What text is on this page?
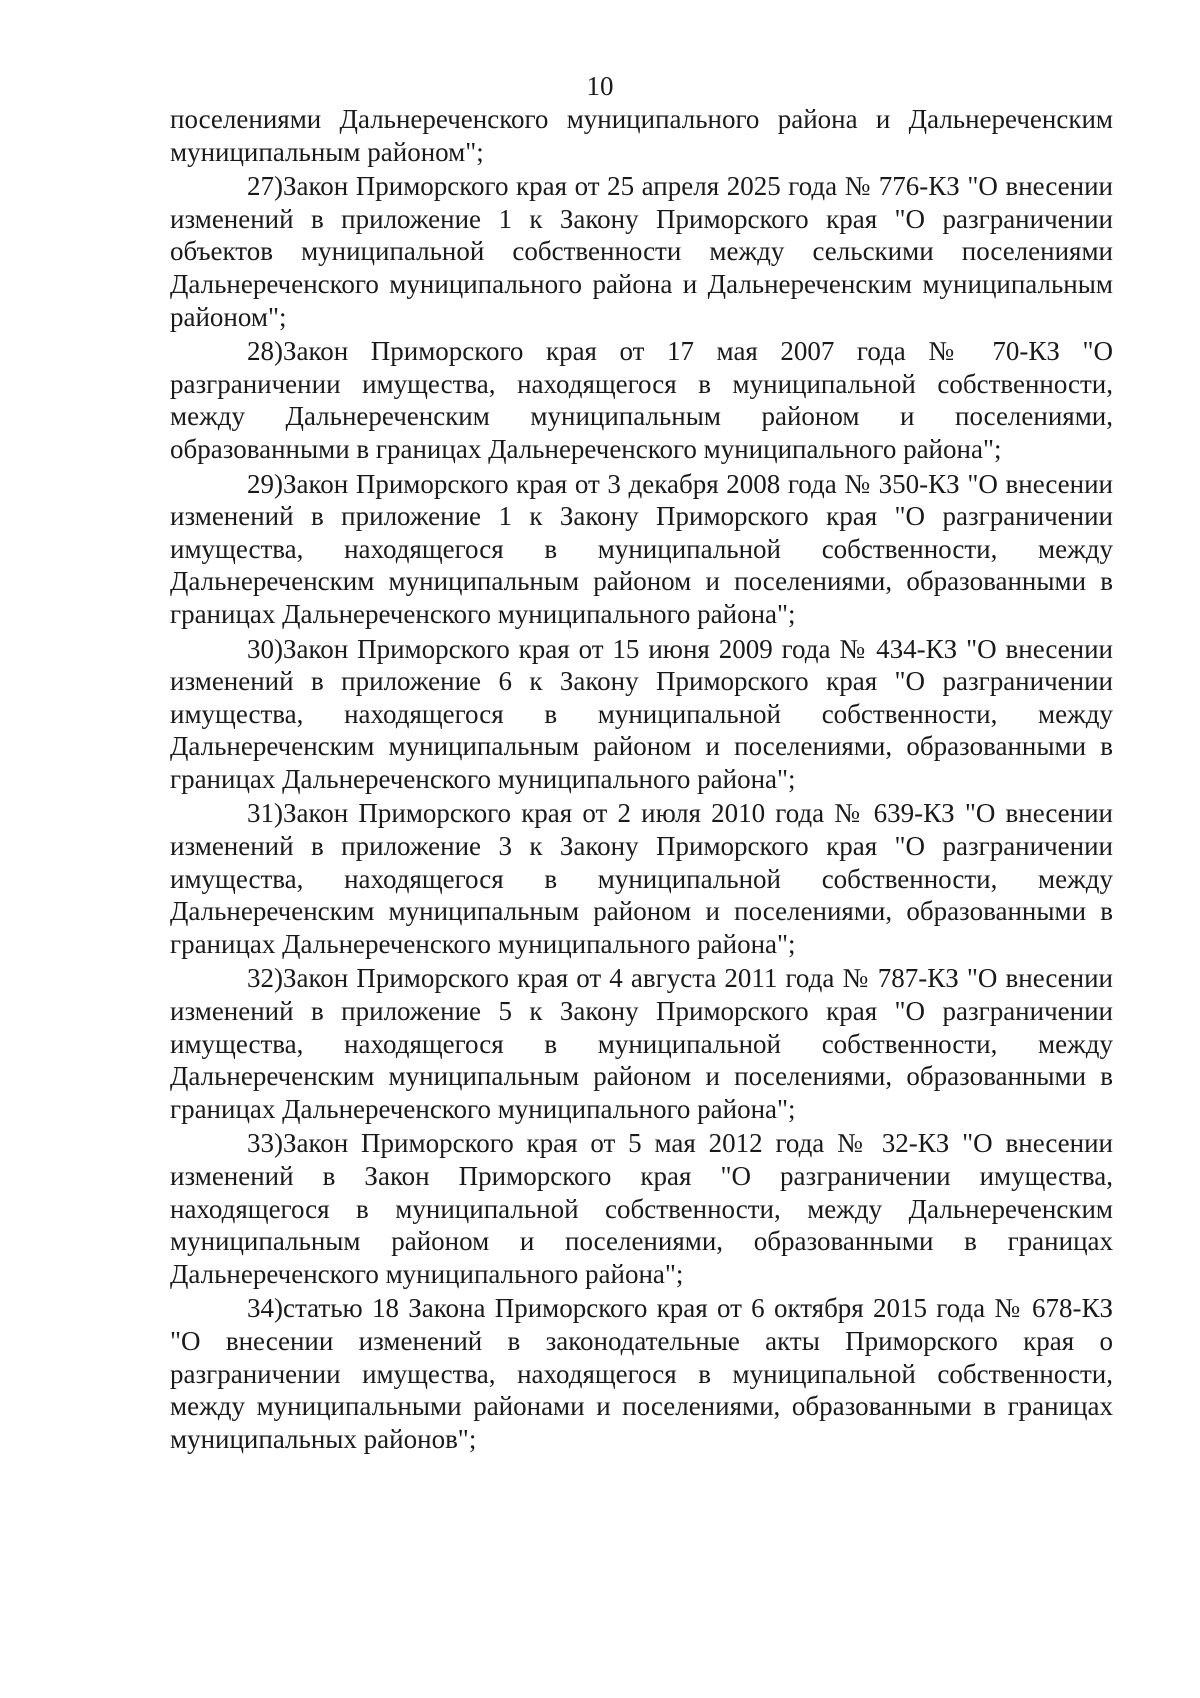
10

поселениями Дальнереченского муниципального района и Дальнереченским муниципальным районом";

27)Закон Приморского края от 25 апреля 2025 года № 776-КЗ "О внесении изменений в приложение 1 к Закону Приморского края "О разграничении объектов муниципальной собственности между сельскими поселениями Дальнереченского муниципального района и Дальнереченским муниципальным районом";

28)Закон Приморского края от 17 мая 2007 года № 70-КЗ "О разграничении имущества, находящегося в муниципальной собственности, между Дальнереченским муниципальным районом и поселениями, образованными в границах Дальнереченского муниципального района";

29)Закон Приморского края от 3 декабря 2008 года № 350-КЗ "О внесении изменений в приложение 1 к Закону Приморского края "О разграничении имущества, находящегося в муниципальной собственности, между Дальнереченским муниципальным районом и поселениями, образованными в границах Дальнереченского муниципального района";

30)Закон Приморского края от 15 июня 2009 года № 434-КЗ "О внесении изменений в приложение 6 к Закону Приморского края "О разграничении имущества, находящегося в муниципальной собственности, между Дальнереченским муниципальным районом и поселениями, образованными в границах Дальнереченского муниципального района";

31)Закон Приморского края от 2 июля 2010 года № 639-КЗ "О внесении изменений в приложение 3 к Закону Приморского края "О разграничении имущества, находящегося в муниципальной собственности, между Дальнереченским муниципальным районом и поселениями, образованными в границах Дальнереченского муниципального района";

32)Закон Приморского края от 4 августа 2011 года № 787-КЗ "О внесении изменений в приложение 5 к Закону Приморского края "О разграничении имущества, находящегося в муниципальной собственности, между Дальнереченским муниципальным районом и поселениями, образованными в границах Дальнереченского муниципального района";

33)Закон Приморского края от 5 мая 2012 года № 32-КЗ "О внесении изменений в Закон Приморского края "О разграничении имущества, находящегося в муниципальной собственности, между Дальнереченским муниципальным районом и поселениями, образованными в границах Дальнереченского муниципального района";

34)статью 18 Закона Приморского края от 6 октября 2015 года № 678-КЗ "О внесении изменений в законодательные акты Приморского края о разграничении имущества, находящегося в муниципальной собственности, между муниципальными районами и поселениями, образованными в границах муниципальных районов";
